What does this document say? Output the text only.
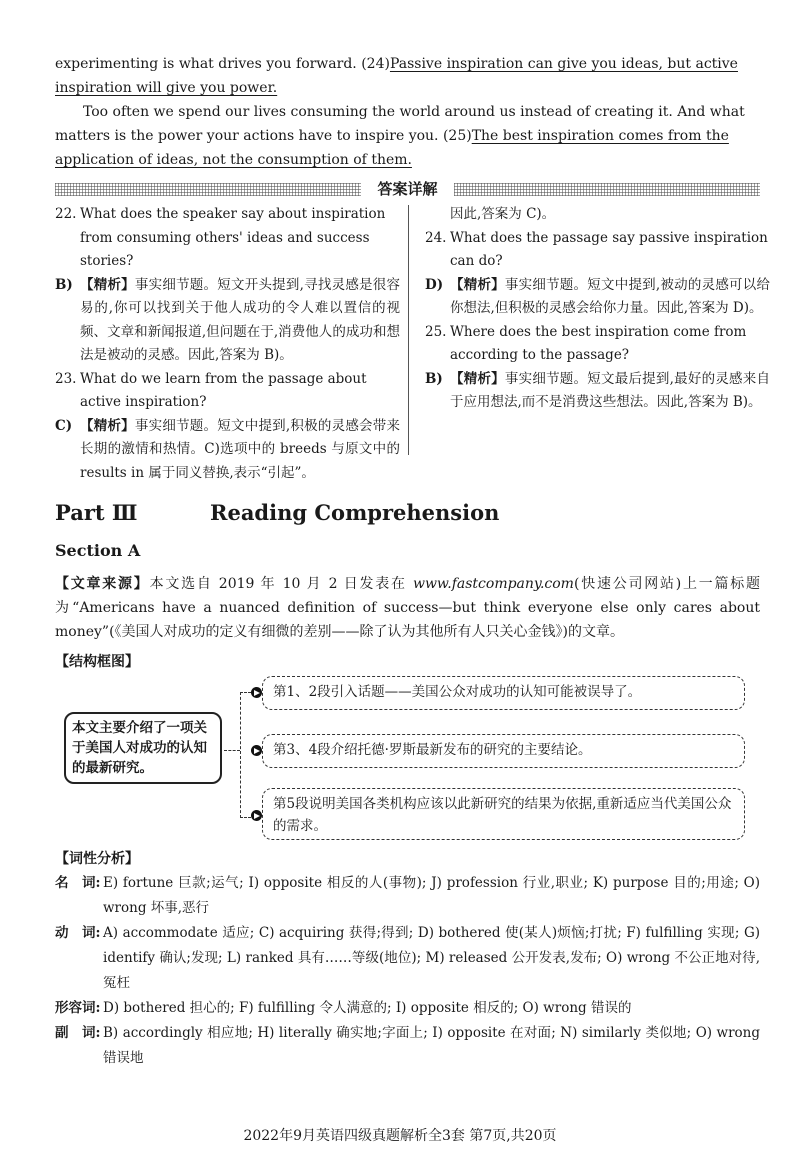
experimenting is what drives you forward. (24)Passive inspiration can give you ideas, but active inspiration will give you power.

Too often we spend our lives consuming the world around us instead of creating it. And what matters is the power your actions have to inspire you. (25)The best inspiration comes from the application of ideas, not the consumption of them.

答案详解
22. What does the speaker say about inspiration from consuming others' ideas and success stories?
B) 【精析】事实细节题。短文开头提到,寻找灵感是很容易的,你可以找到关于他人成功的令人难以置信的视频、文章和新闻报道,但问题在于,消费他人的成功和想法是被动的灵感。因此,答案为 B)。
23. What do we learn from the passage about active inspiration?
C) 【精析】事实细节题。短文中提到,积极的灵感会带来长期的激情和热情。C)选项中的 breeds 与原文中的 results in 属于同义替换,表示“引起”。
因此,答案为 C)。
24. What does the passage say passive inspiration can do?
D) 【精析】事实细节题。短文中提到,被动的灵感可以给你想法,但积极的灵感会给你力量。因此,答案为 D)。
25. Where does the best inspiration come from according to the passage?
B) 【精析】事实细节题。短文最后提到,最好的灵感来自于应用想法,而不是消费这些想法。因此,答案为 B)。
Part Ⅲ	Reading Comprehension
Section A
【文章来源】本文选自 2019 年 10 月 2 日发表在 www.fastcompany.com(快速公司网站)上一篇标题为“Americans have a nuanced definition of success—but think everyone else only cares about money”(《美国人对成功的定义有细微的差别——除了认为其他所有人只关心金钱》)的文章。
【结构框图】
本文主要介绍了一项关于美国人对成功的认知的最新研究。
第1、2段引入话题——美国公众对成功的认知可能被误导了。
第3、4段介绍托德·罗斯最新发布的研究的主要结论。
第5段说明美国各类机构应该以此新研究的结果为依据,重新适应当代美国公众的需求。
【词性分析】
名　词: E) fortune 巨款;运气; I) opposite 相反的人(事物); J) profession 行业,职业; K) purpose 目的;用途; O) wrong 坏事,恶行
动　词: A) accommodate 适应; C) acquiring 获得;得到; D) bothered 使(某人)烦恼;打扰; F) fulfilling 实现; G) identify 确认;发现; L) ranked 具有……等级(地位); M) released 公开发表,发布; O) wrong 不公正地对待,冤枉
形容词: D) bothered 担心的; F) fulfilling 令人满意的; I) opposite 相反的; O) wrong 错误的
副　词: B) accordingly 相应地; H) literally 确实地;字面上; I) opposite 在对面; N) similarly 类似地; O) wrong 错误地
2022年9月英语四级真题解析全3套 第7页,共20页
